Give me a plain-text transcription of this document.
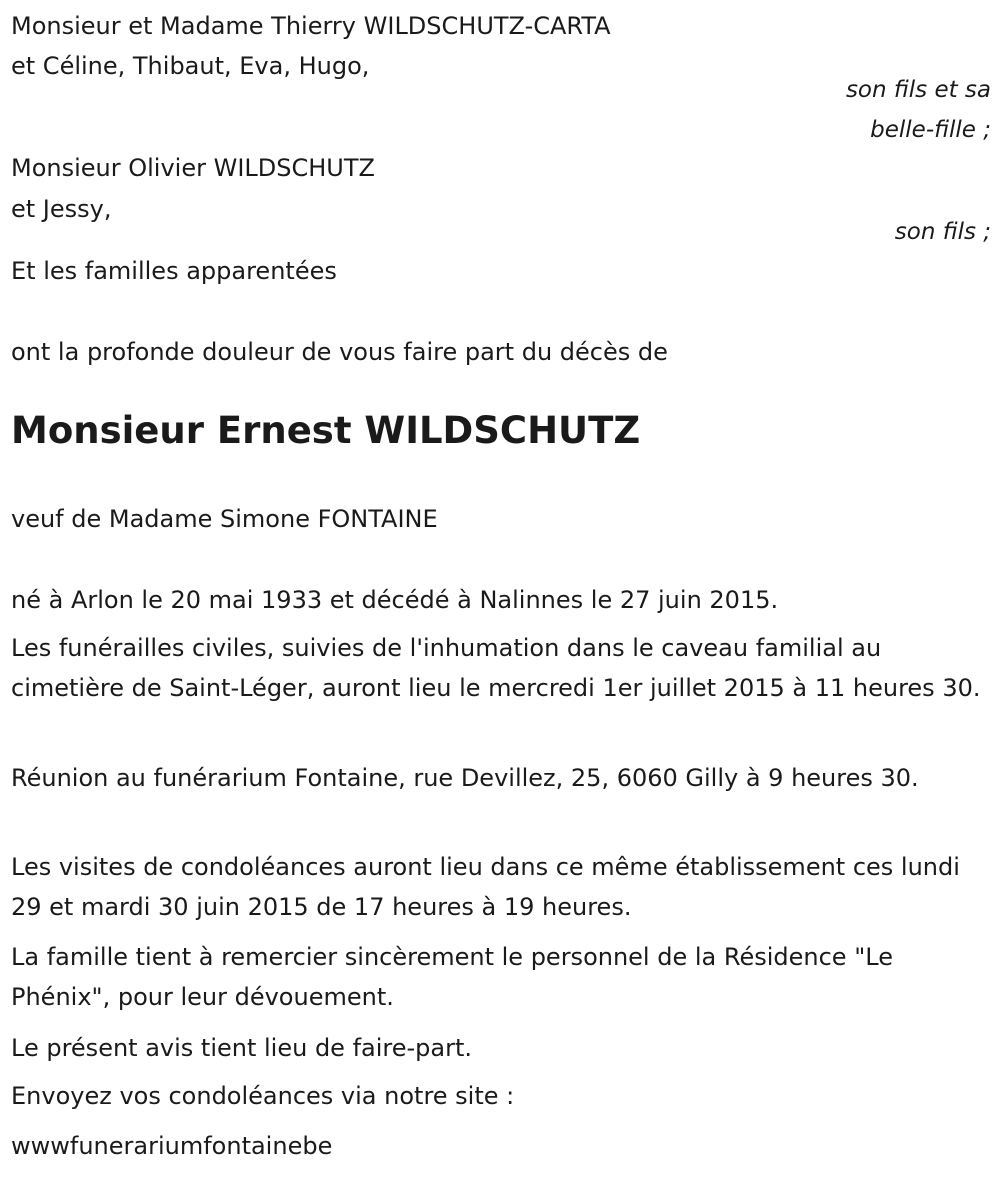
Monsieur et Madame Thierry WILDSCHUTZ-CARTA
et Céline, Thibaut, Eva, Hugo,
son fils et sa
belle-fille ;
Monsieur Olivier WILDSCHUTZ
et Jessy,
son fils ;
Et les familles apparentées
ont la profonde douleur de vous faire part du décès de
Monsieur Ernest WILDSCHUTZ
veuf de Madame Simone FONTAINE
né à Arlon le 20 mai 1933 et décédé à Nalinnes le 27 juin 2015.
Les funérailles civiles, suivies de l'inhumation dans le caveau familial au cimetière de Saint-Léger, auront lieu le mercredi 1er juillet 2015 à 11 heures 30.
Réunion au funérarium Fontaine, rue Devillez, 25, 6060 Gilly à 9 heures 30.
Les visites de condoléances auront lieu dans ce même établissement ces lundi 29 et mardi 30 juin 2015 de 17 heures à 19 heures.
La famille tient à remercier sincèrement le personnel de la Résidence "Le Phénix", pour leur dévouement.
Le présent avis tient lieu de faire-part.
Envoyez vos condoléances via notre site :
wwwfunerariumfontainebe
